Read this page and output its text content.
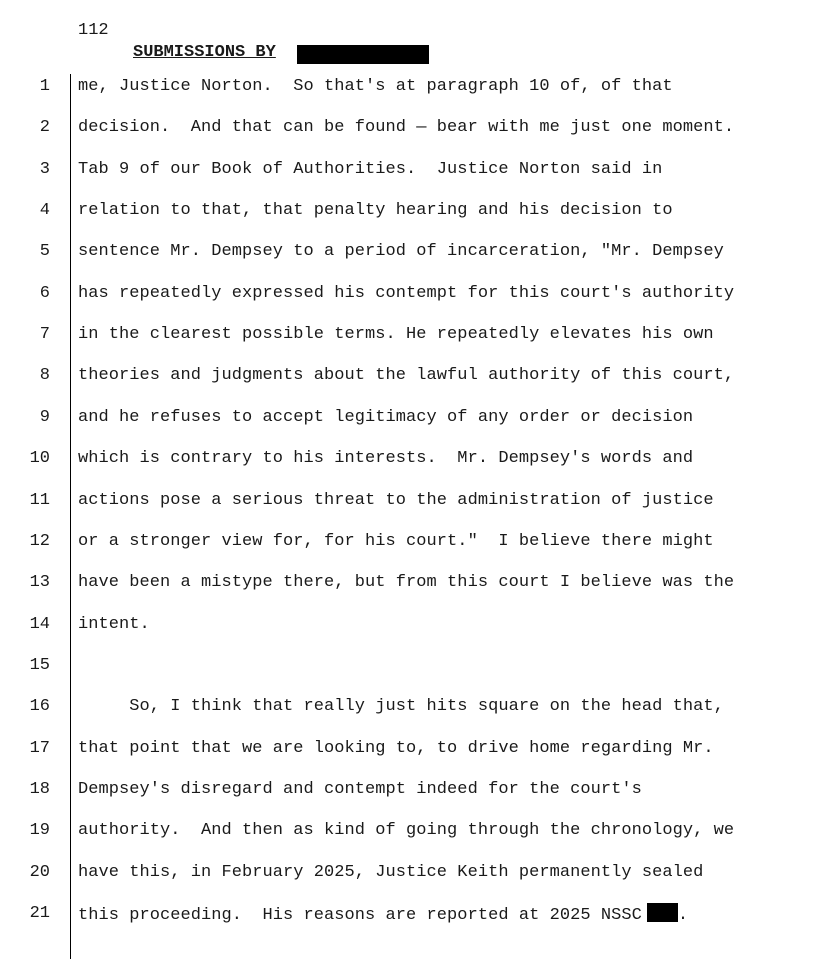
112
SUBMISSIONS BY
1 me, Justice Norton.  So that's at paragraph 10 of, of that
2 decision.  And that can be found — bear with me just one moment.
3 Tab 9 of our Book of Authorities.  Justice Norton said in
4 relation to that, that penalty hearing and his decision to
5 sentence Mr. Dempsey to a period of incarceration, "Mr. Dempsey
6 has repeatedly expressed his contempt for this court's authority
7 in the clearest possible terms. He repeatedly elevates his own
8 theories and judgments about the lawful authority of this court,
9 and he refuses to accept legitimacy of any order or decision
10 which is contrary to his interests.  Mr. Dempsey's words and
11 actions pose a serious threat to the administration of justice
12 or a stronger view for, for his court."  I believe there might
13 have been a mistype there, but from this court I believe was the
14 intent.
15
16 So, I think that really just hits square on the head that,
17 that point that we are looking to, to drive home regarding Mr.
18 Dempsey's disregard and contempt indeed for the court's
19 authority.  And then as kind of going through the chronology, we
20 have this, in February 2025, Justice Keith permanently sealed
21 this proceeding.  His reasons are reported at 2025 NSSC .
